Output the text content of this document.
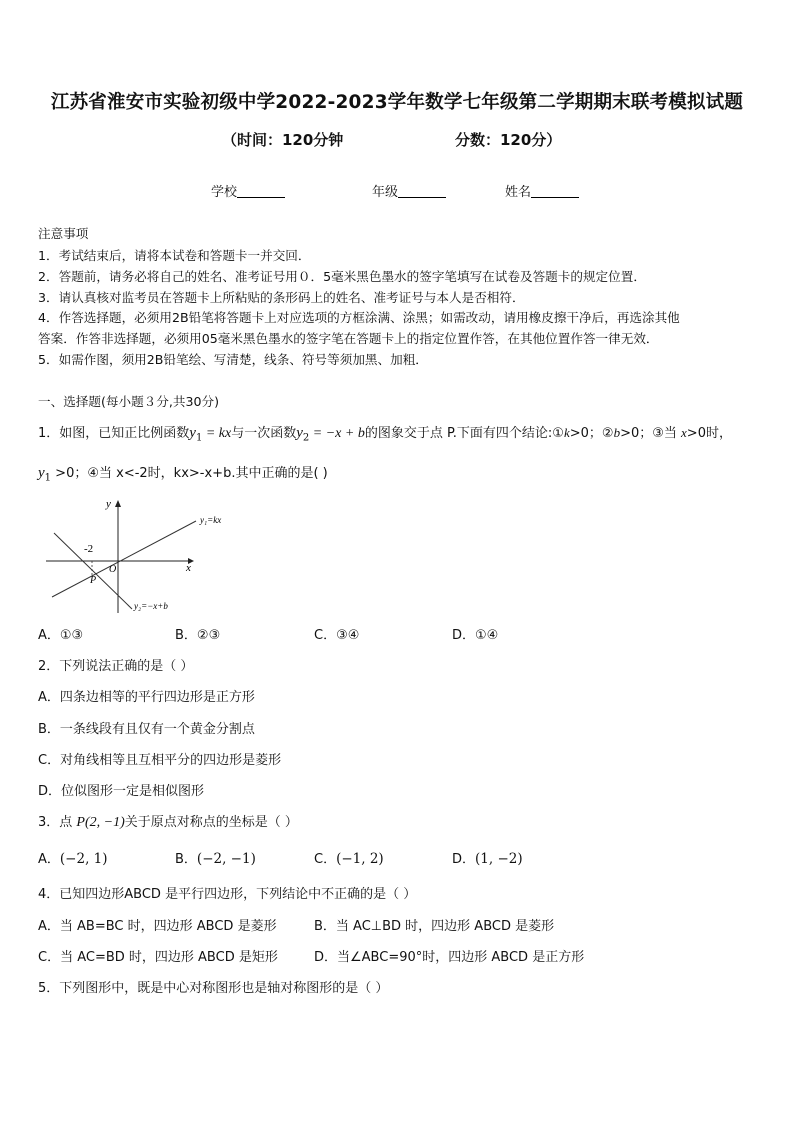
江苏省淮安市实验初级中学2022-2023学年数学七年级第二学期期末联考模拟试题
（时间：120分钟	分数：120分）
学校	年级	姓名
注意事项
1．考试结束后，请将本试卷和答题卡一并交回．
2．答题前，请务必将自己的姓名、准考证号用０．5毫米黑色墨水的签字笔填写在试卷及答题卡的规定位置．
3．请认真核对监考员在答题卡上所粘贴的条形码上的姓名、准考证号与本人是否相符．
4．作答选择题，必须用2B铅笔将答题卡上对应选项的方框涂满、涂黑；如需改动，请用橡皮擦干净后，再选涂其他
答案．作答非选择题，必须用05毫米黑色墨水的签字笔在答题卡上的指定位置作答，在其他位置作答一律无效．
5．如需作图，须用2B铅笔绘、写清楚，线条、符号等须加黑、加粗．
一、选择题(每小题３分,共30分)
1．如图，已知正比例函数$y_1$ = kx与一次函数$y_2 = -x + b$的图象交于点 P.下面有四个结论:①k>0；②b>0；③当 x>0时，
$y_1 >0$；④当 x<-2时，kx>-x+b.其中正确的是( )
y
x
O
-2
P
y₁=kx
y₂=−x+b
A．①③	B．②③	C．③④	D．①④
2．下列说法正确的是（ ）
A．四条边相等的平行四边形是正方形
B．一条线段有且仅有一个黄金分割点
C．对角线相等且互相平分的四边形是菱形
D．位似图形一定是相似图形
3．点 P(2, −1)关于原点对称点的坐标是（ ）
A．(−2, 1)	B．(−2, −1)	C．(−1, 2)	D．(1, −2)
4．已知四边形ABCD 是平行四边形，下列结论中不正确的是（ ）
A．当 AB=BC 时，四边形 ABCD 是菱形	B．当 AC⊥BD 时，四边形 ABCD 是菱形
C．当 AC=BD 时，四边形 ABCD 是矩形	D．当∠ABC=90°时，四边形 ABCD 是正方形
5．下列图形中，既是中心对称图形也是轴对称图形的是（ ）
